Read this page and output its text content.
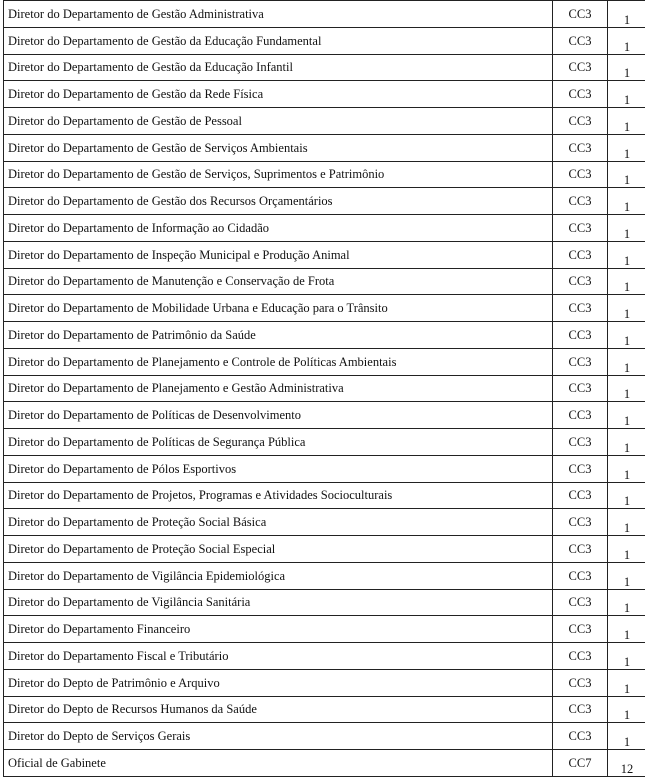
Diretor do Departamento de Gestão Administrativa	CC3	1
Diretor do Departamento de Gestão da Educação Fundamental	CC3	1
Diretor do Departamento de Gestão da Educação Infantil	CC3	1
Diretor do Departamento de Gestão da Rede Física	CC3	1
Diretor do Departamento de Gestão de Pessoal	CC3	1
Diretor do Departamento de Gestão de Serviços Ambientais	CC3	1
Diretor do Departamento de Gestão de Serviços, Suprimentos e Patrimônio	CC3	1
Diretor do Departamento de Gestão dos Recursos Orçamentários	CC3	1
Diretor do Departamento de Informação ao Cidadão	CC3	1
Diretor do Departamento de Inspeção Municipal e Produção Animal	CC3	1
Diretor do Departamento de Manutenção e Conservação de Frota	CC3	1
Diretor do Departamento de Mobilidade Urbana e Educação para o Trânsito	CC3	1
Diretor do Departamento de Patrimônio da Saúde	CC3	1
Diretor do Departamento de Planejamento e Controle de Políticas Ambientais	CC3	1
Diretor do Departamento de Planejamento e Gestão Administrativa	CC3	1
Diretor do Departamento de Políticas de Desenvolvimento	CC3	1
Diretor do Departamento de Políticas de Segurança Pública	CC3	1
Diretor do Departamento de Pólos Esportivos	CC3	1
Diretor do Departamento de Projetos, Programas e Atividades Socioculturais	CC3	1
Diretor do Departamento de Proteção Social Básica	CC3	1
Diretor do Departamento de Proteção Social Especial	CC3	1
Diretor do Departamento de Vigilância Epidemiológica	CC3	1
Diretor do Departamento de Vigilância Sanitária	CC3	1
Diretor do Departamento Financeiro	CC3	1
Diretor do Departamento Fiscal e Tributário	CC3	1
Diretor do Depto de Patrimônio e Arquivo	CC3	1
Diretor do Depto de Recursos Humanos da Saúde	CC3	1
Diretor do Depto de Serviços Gerais	CC3	1
Oficial de Gabinete	CC7	12
